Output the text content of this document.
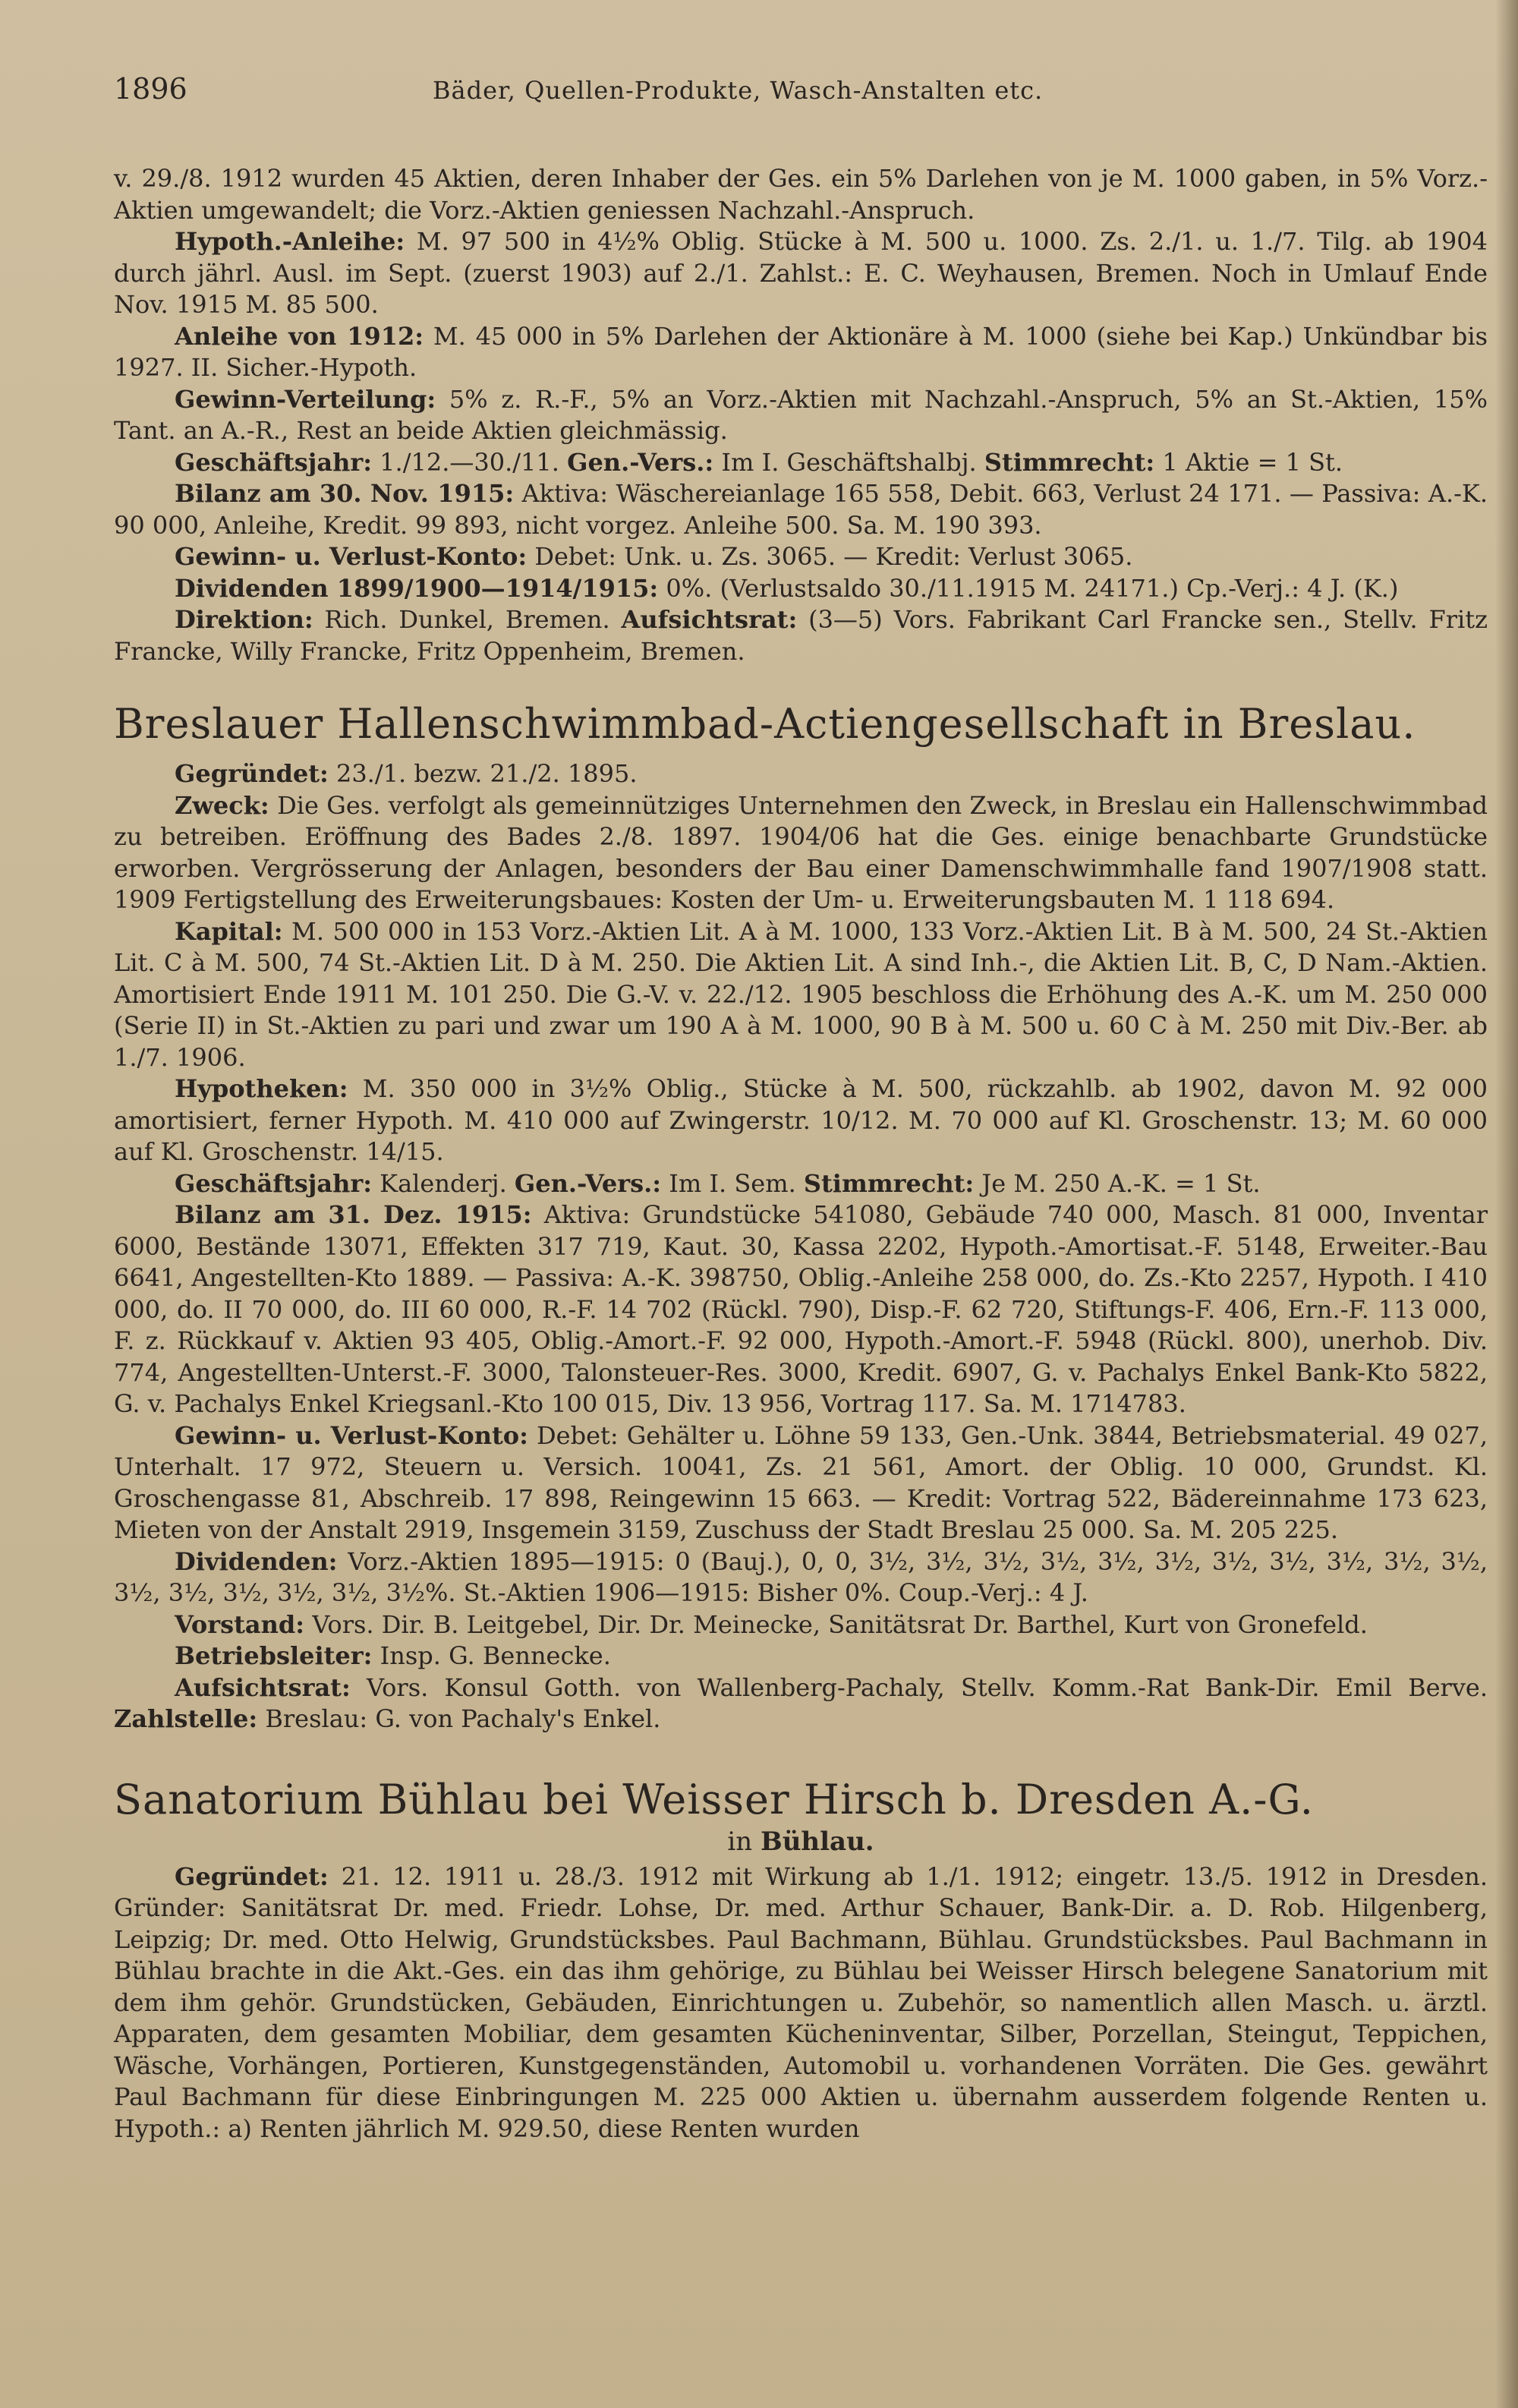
1896	Bäder, Quellen-Produkte, Wasch-Anstalten etc.

v. 29./8. 1912 wurden 45 Aktien, deren Inhaber der Ges. ein 5% Darlehen von je M. 1000 gaben, in 5% Vorz.-Aktien umgewandelt; die Vorz.-Aktien geniessen Nachzahl.-Anspruch.

Hypoth.-Anleihe: M. 97 500 in 4½% Oblig. Stücke à M. 500 u. 1000. Zs. 2./1. u. 1./7. Tilg. ab 1904 durch jährl. Ausl. im Sept. (zuerst 1903) auf 2./1. Zahlst.: E. C. Weyhausen, Bremen. Noch in Umlauf Ende Nov. 1915 M. 85 500.

Anleihe von 1912: M. 45 000 in 5% Darlehen der Aktionäre à M. 1000 (siehe bei Kap.) Unkündbar bis 1927. II. Sicher.-Hypoth.

Gewinn-Verteilung: 5% z. R.-F., 5% an Vorz.-Aktien mit Nachzahl.-Anspruch, 5% an St.-Aktien, 15% Tant. an A.-R., Rest an beide Aktien gleichmässig.

Geschäftsjahr: 1./12.—30./11. Gen.-Vers.: Im I. Geschäftshalbj. Stimmrecht: 1 Aktie = 1 St.

Bilanz am 30. Nov. 1915: Aktiva: Wäschereianlage 165 558, Debit. 663, Verlust 24 171. — Passiva: A.-K. 90 000, Anleihe, Kredit. 99 893, nicht vorgez. Anleihe 500. Sa. M. 190 393.

Gewinn- u. Verlust-Konto: Debet: Unk. u. Zs. 3065. — Kredit: Verlust 3065.

Dividenden 1899/1900—1914/1915: 0%. (Verlustsaldo 30./11.1915 M. 24171.) Cp.-Verj.: 4 J. (K.)

Direktion: Rich. Dunkel, Bremen. Aufsichtsrat: (3—5) Vors. Fabrikant Carl Francke sen., Stellv. Fritz Francke, Willy Francke, Fritz Oppenheim, Bremen.

Breslauer Hallenschwimmbad-Actiengesellschaft in Breslau.

Gegründet: 23./1. bezw. 21./2. 1895.

Zweck: Die Ges. verfolgt als gemeinnütziges Unternehmen den Zweck, in Breslau ein Hallenschwimmbad zu betreiben. Eröffnung des Bades 2./8. 1897. 1904/06 hat die Ges. einige benachbarte Grundstücke erworben. Vergrösserung der Anlagen, besonders der Bau einer Damenschwimmhalle fand 1907/1908 statt. 1909 Fertigstellung des Erweiterungsbaues: Kosten der Um- u. Erweiterungsbauten M. 1 118 694.

Kapital: M. 500 000 in 153 Vorz.-Aktien Lit. A à M. 1000, 133 Vorz.-Aktien Lit. B à M. 500, 24 St.-Aktien Lit. C à M. 500, 74 St.-Aktien Lit. D à M. 250. Die Aktien Lit. A sind Inh.-, die Aktien Lit. B, C, D Nam.-Aktien. Amortisiert Ende 1911 M. 101 250. Die G.-V. v. 22./12. 1905 beschloss die Erhöhung des A.-K. um M. 250 000 (Serie II) in St.-Aktien zu pari und zwar um 190 A à M. 1000, 90 B à M. 500 u. 60 C à M. 250 mit Div.-Ber. ab 1./7. 1906.

Hypotheken: M. 350 000 in 3½% Oblig., Stücke à M. 500, rückzahlb. ab 1902, davon M. 92 000 amortisiert, ferner Hypoth. M. 410 000 auf Zwingerstr. 10/12. M. 70 000 auf Kl. Groschenstr. 13; M. 60 000 auf Kl. Groschenstr. 14/15.

Geschäftsjahr: Kalenderj. Gen.-Vers.: Im I. Sem. Stimmrecht: Je M. 250 A.-K. = 1 St.

Bilanz am 31. Dez. 1915: Aktiva: Grundstücke 541080, Gebäude 740 000, Masch. 81 000, Inventar 6000, Bestände 13071, Effekten 317 719, Kaut. 30, Kassa 2202, Hypoth.-Amortisat.-F. 5148, Erweiter.-Bau 6641, Angestellten-Kto 1889. — Passiva: A.-K. 398750, Oblig.-Anleihe 258 000, do. Zs.-Kto 2257, Hypoth. I 410 000, do. II 70 000, do. III 60 000, R.-F. 14 702 (Rückl. 790), Disp.-F. 62 720, Stiftungs-F. 406, Ern.-F. 113 000, F. z. Rückkauf v. Aktien 93 405, Oblig.-Amort.-F. 92 000, Hypoth.-Amort.-F. 5948 (Rückl. 800), unerhob. Div. 774, Angestellten-Unterst.-F. 3000, Talonsteuer-Res. 3000, Kredit. 6907, G. v. Pachalys Enkel Bank-Kto 5822, G. v. Pachalys Enkel Kriegsanl.-Kto 100 015, Div. 13 956, Vortrag 117. Sa. M. 1714783.

Gewinn- u. Verlust-Konto: Debet: Gehälter u. Löhne 59 133, Gen.-Unk. 3844, Betriebsmaterial. 49 027, Unterhalt. 17 972, Steuern u. Versich. 10041, Zs. 21 561, Amort. der Oblig. 10 000, Grundst. Kl. Groschengasse 81, Abschreib. 17 898, Reingewinn 15 663. — Kredit: Vortrag 522, Bädereinnahme 173 623, Mieten von der Anstalt 2919, Insgemein 3159, Zuschuss der Stadt Breslau 25 000. Sa. M. 205 225.

Dividenden: Vorz.-Aktien 1895—1915: 0 (Bauj.), 0, 0, 3½, 3½, 3½, 3½, 3½, 3½, 3½, 3½, 3½, 3½, 3½, 3½, 3½, 3½, 3½, 3½, 3½%. St.-Aktien 1906—1915: Bisher 0%. Coup.-Verj.: 4 J.

Vorstand: Vors. Dir. B. Leitgebel, Dir. Dr. Meinecke, Sanitätsrat Dr. Barthel, Kurt von Gronefeld.

Betriebsleiter: Insp. G. Bennecke.

Aufsichtsrat: Vors. Konsul Gotth. von Wallenberg-Pachaly, Stellv. Komm.-Rat Bank-Dir. Emil Berve. Zahlstelle: Breslau: G. von Pachaly's Enkel.

Sanatorium Bühlau bei Weisser Hirsch b. Dresden A.-G.
in Bühlau.

Gegründet: 21. 12. 1911 u. 28./3. 1912 mit Wirkung ab 1./1. 1912; eingetr. 13./5. 1912 in Dresden. Gründer: Sanitätsrat Dr. med. Friedr. Lohse, Dr. med. Arthur Schauer, Bank-Dir. a. D. Rob. Hilgenberg, Leipzig; Dr. med. Otto Helwig, Grundstücksbes. Paul Bachmann, Bühlau. Grundstücksbes. Paul Bachmann in Bühlau brachte in die Akt.-Ges. ein das ihm gehörige, zu Bühlau bei Weisser Hirsch belegene Sanatorium mit dem ihm gehör. Grundstücken, Gebäuden, Einrichtungen u. Zubehör, so namentlich allen Masch. u. ärztl. Apparaten, dem gesamten Mobiliar, dem gesamten Kücheninventar, Silber, Porzellan, Steingut, Teppichen, Wäsche, Vorhängen, Portieren, Kunstgegenständen, Automobil u. vorhandenen Vorräten. Die Ges. gewährt Paul Bachmann für diese Einbringungen M. 225 000 Aktien u. übernahm ausserdem folgende Renten u. Hypoth.: a) Renten jährlich M. 929.50, diese Renten wurden
